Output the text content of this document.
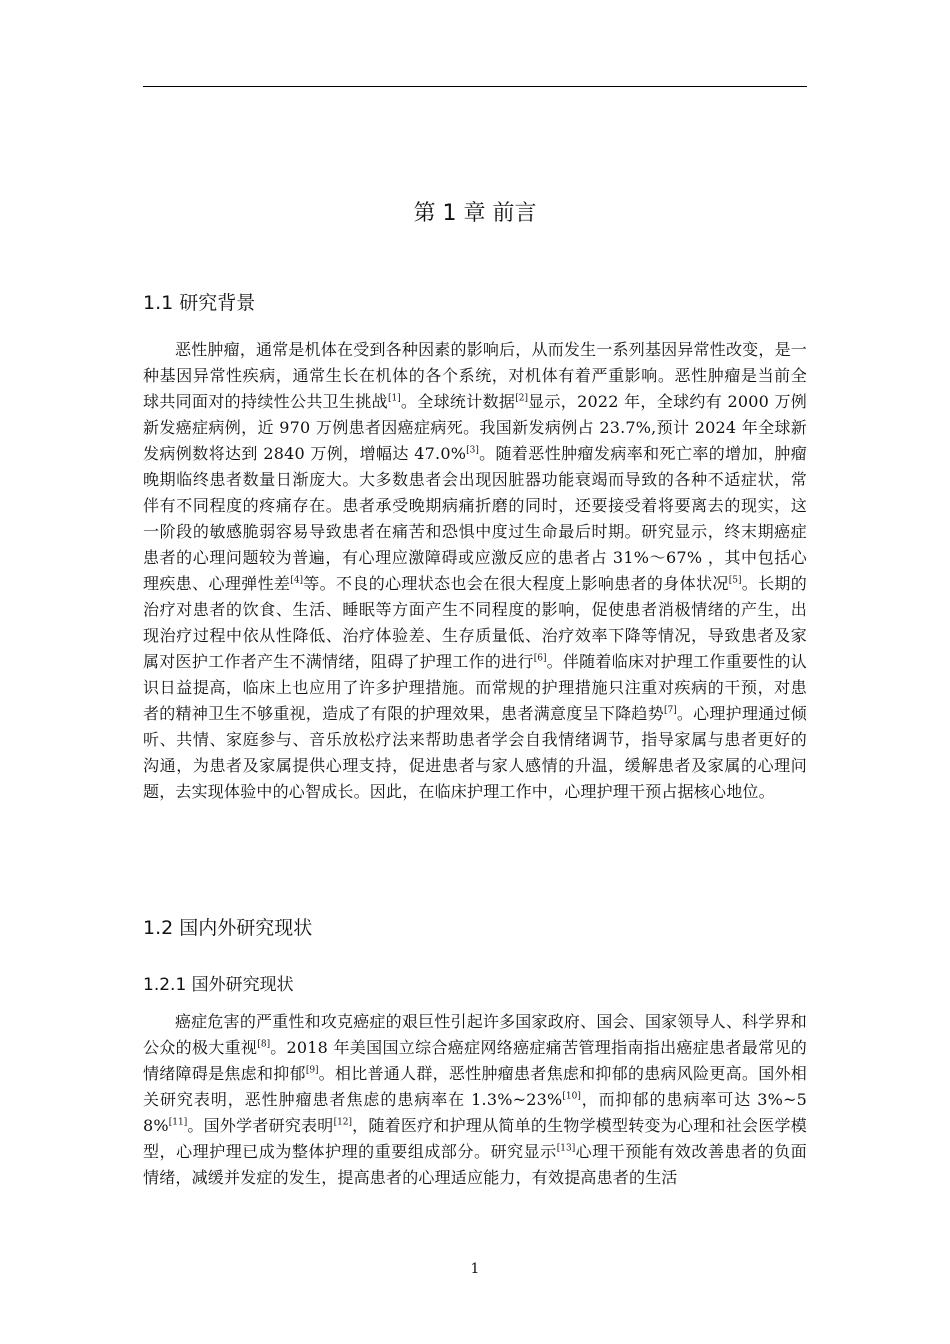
第 1 章 前言
1.1 研究背景

恶性肿瘤，通常是机体在受到各种因素的影响后，从而发生一系列基因异常性改变，是一种基因异常性疾病，通常生长在机体的各个系统，对机体有着严重影响。恶性肿瘤是当前全球共同面对的持续性公共卫生挑战[1]。全球统计数据[2]显示，2022 年，全球约有 2000 万例新发癌症病例，近 970 万例患者因癌症病死。我国新发病例占 23.7%,预计 2024 年全球新发病例数将达到 2840 万例，增幅达 47.0%[3]。随着恶性肿瘤发病率和死亡率的增加，肿瘤晚期临终患者数量日渐庞大。大多数患者会出现因脏器功能衰竭而导致的各种不适症状，常伴有不同程度的疼痛存在。患者承受晚期病痛折磨的同时，还要接受着将要离去的现实，这一阶段的敏感脆弱容易导致患者在痛苦和恐惧中度过生命最后时期。研究显示，终末期癌症患者的心理问题较为普遍，有心理应激障碍或应激反应的患者占 31%～67% ，其中包括心理疾患、心理弹性差[4]等。不良的心理状态也会在很大程度上影响患者的身体状况[5]。长期的治疗对患者的饮食、生活、睡眠等方面产生不同程度的影响，促使患者消极情绪的产生，出现治疗过程中依从性降低、治疗体验差、生存质量低、治疗效率下降等情况，导致患者及家属对医护工作者产生不满情绪，阻碍了护理工作的进行[6]。伴随着临床对护理工作重要性的认识日益提高，临床上也应用了许多护理措施。而常规的护理措施只注重对疾病的干预，对患者的精神卫生不够重视，造成了有限的护理效果，患者满意度呈下降趋势[7]。心理护理通过倾听、共情、家庭参与、音乐放松疗法来帮助患者学会自我情绪调节，指导家属与患者更好的沟通，为患者及家属提供心理支持，促进患者与家人感情的升温，缓解患者及家属的心理问题，去实现体验中的心智成长。因此，在临床护理工作中，心理护理干预占据核心地位。

1.2 国内外研究现状
1.2.1 国外研究现状

癌症危害的严重性和攻克癌症的艰巨性引起许多国家政府、国会、国家领导人、科学界和公众的极大重视[8]。2018 年美国国立综合癌症网络癌症痛苦管理指南指出癌症患者最常见的情绪障碍是焦虑和抑郁[9]。相比普通人群，恶性肿瘤患者焦虑和抑郁的患病风险更高。国外相关研究表明，恶性肿瘤患者焦虑的患病率在 1.3%~23%[10]，而抑郁的患病率可达 3%~58%[11]。国外学者研究表明[12]，随着医疗和护理从简单的生物学模型转变为心理和社会医学模型，心理护理已成为整体护理的重要组成部分。研究显示[13]心理干预能有效改善患者的负面情绪，减缓并发症的发生，提高患者的心理适应能力，有效提高患者的生活

1
